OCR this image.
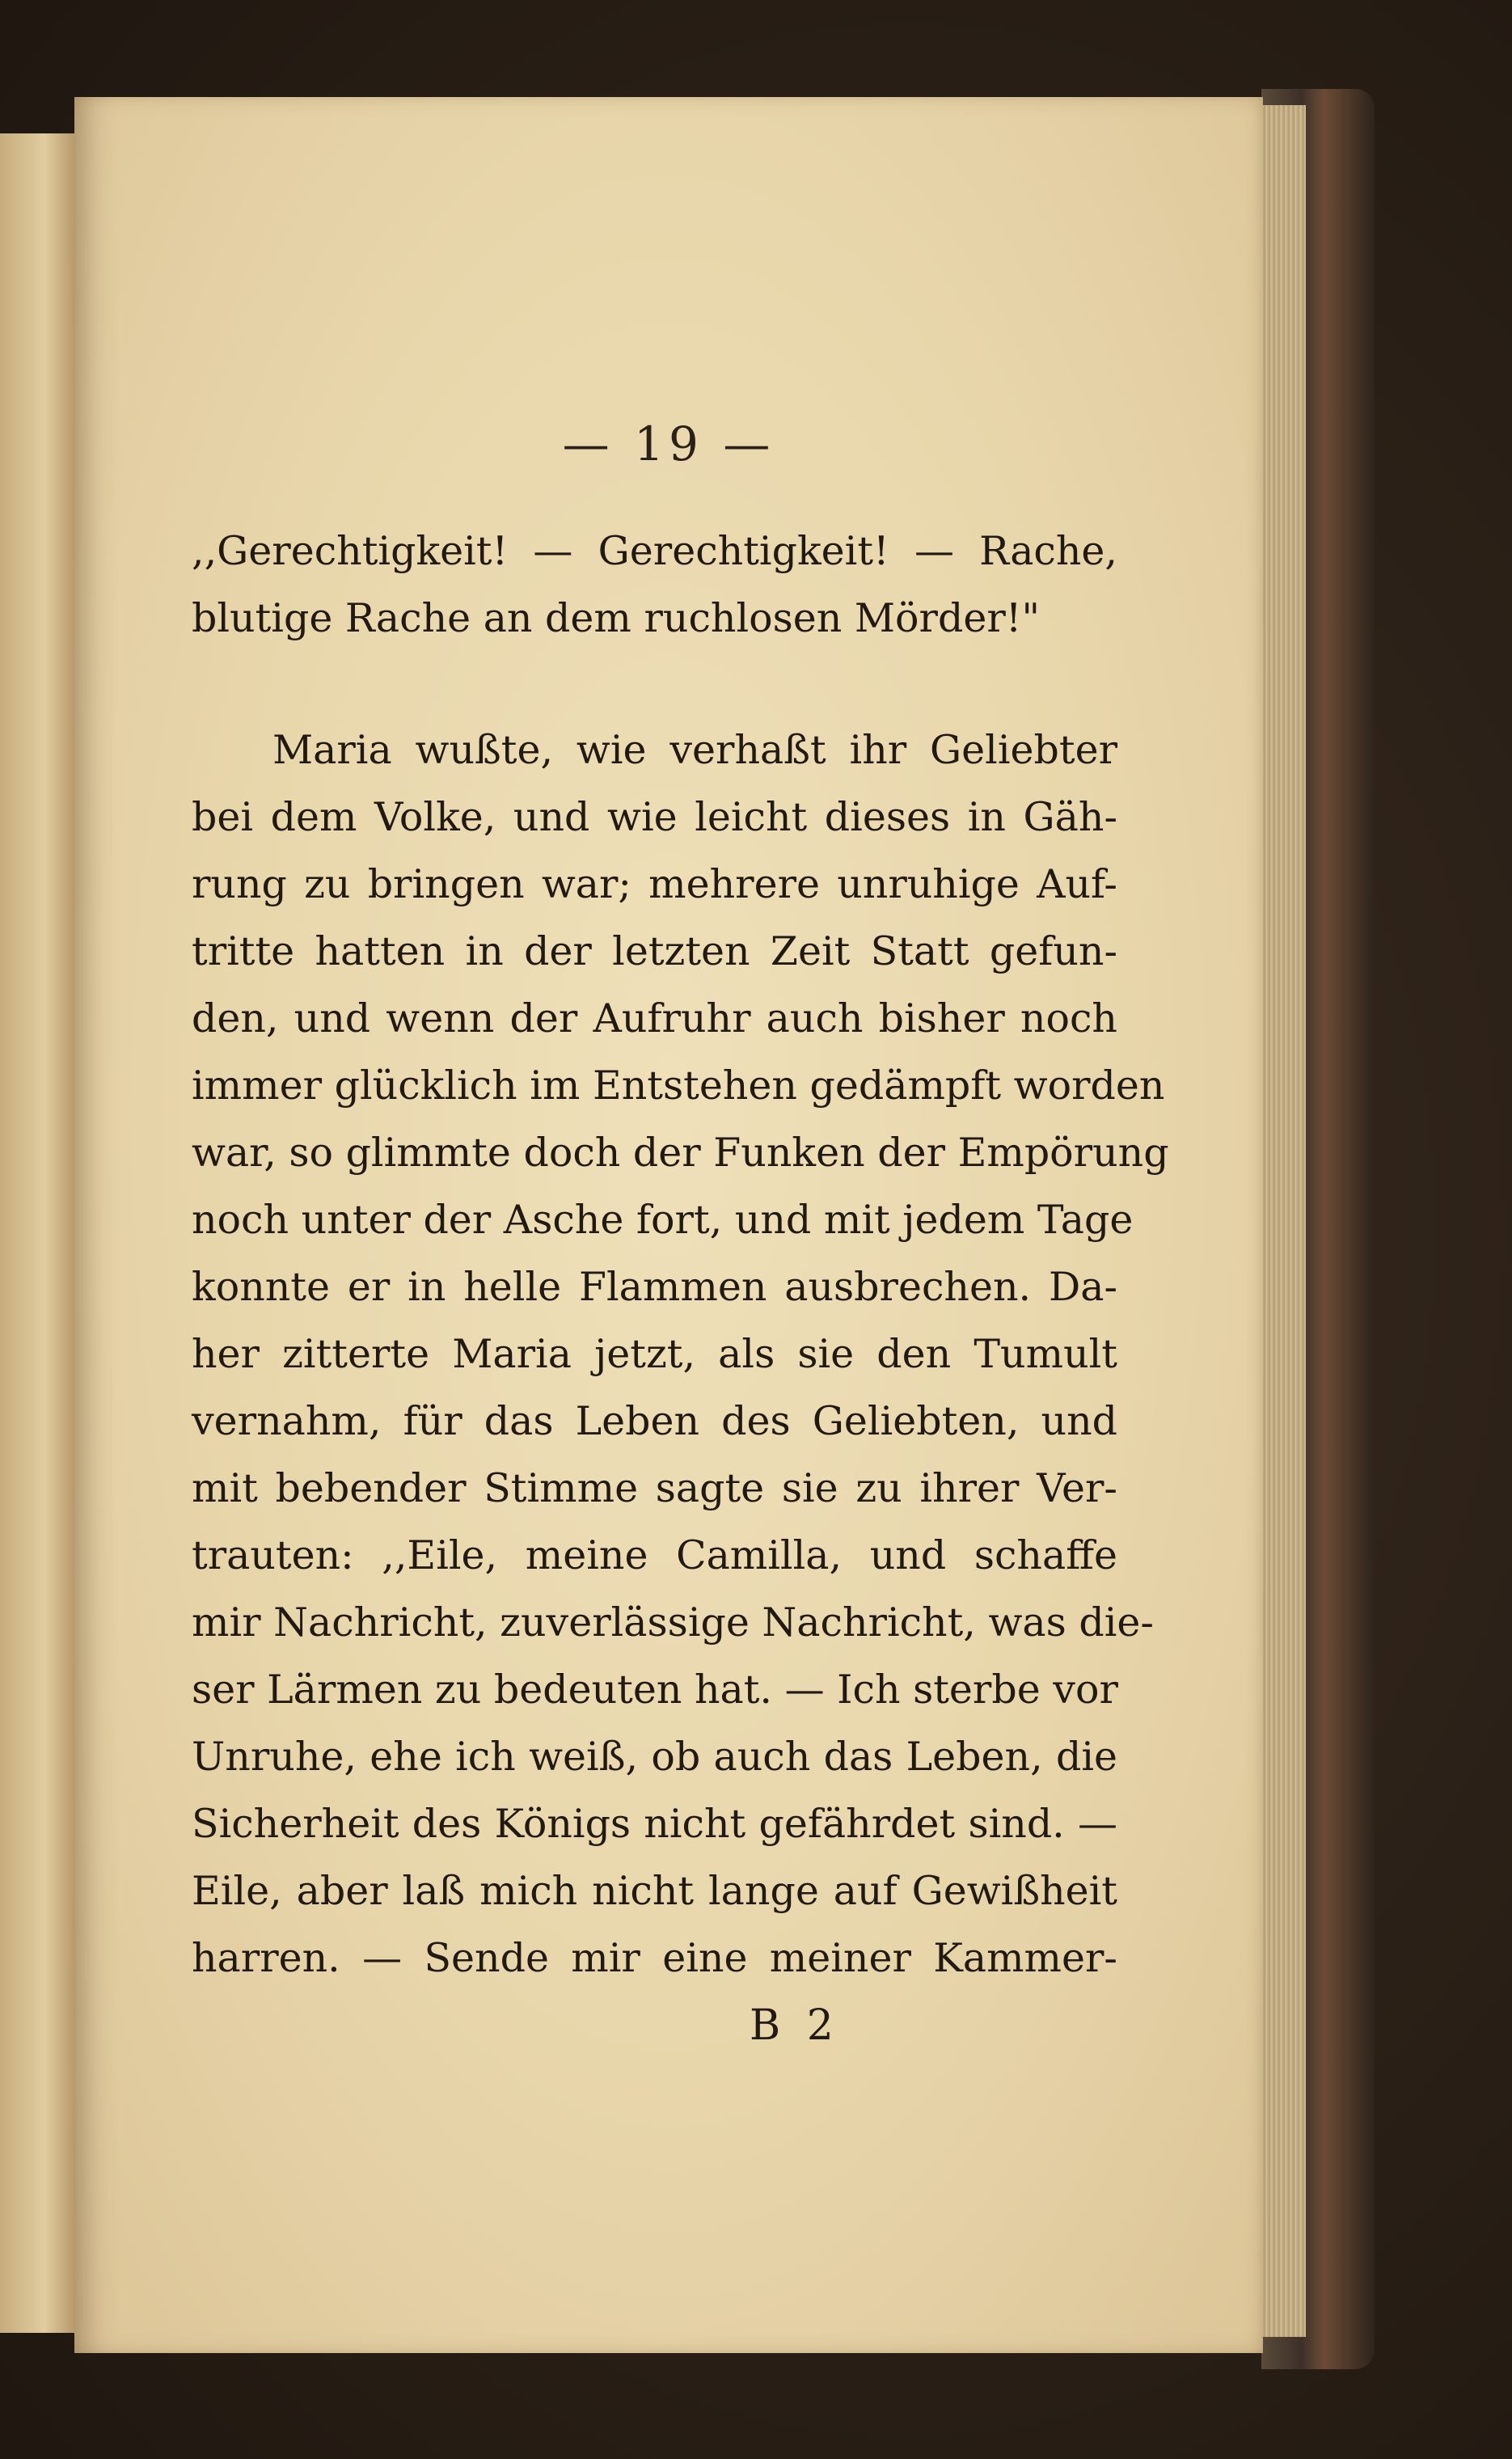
— 19 —
,,Gerechtigkeit! — Gerechtigkeit! — Rache,
blutige Rache an dem ruchlosen Mörder!"
Maria wußte, wie verhaßt ihr Geliebter
bei dem Volke, und wie leicht dieses in Gäh-
rung zu bringen war; mehrere unruhige Auf-
tritte hatten in der letzten Zeit Statt gefun-
den, und wenn der Aufruhr auch bisher noch
immer glücklich im Entstehen gedämpft worden
war, so glimmte doch der Funken der Empörung
noch unter der Asche fort, und mit jedem Tage
konnte er in helle Flammen ausbrechen. Da-
her zitterte Maria jetzt, als sie den Tumult
vernahm, für das Leben des Geliebten, und
mit bebender Stimme sagte sie zu ihrer Ver-
trauten: ,,Eile, meine Camilla, und schaffe
mir Nachricht, zuverlässige Nachricht, was die-
ser Lärmen zu bedeuten hat. — Ich sterbe vor
Unruhe, ehe ich weiß, ob auch das Leben, die
Sicherheit des Königs nicht gefährdet sind. —
Eile, aber laß mich nicht lange auf Gewißheit
harren. — Sende mir eine meiner Kammer-
B 2
